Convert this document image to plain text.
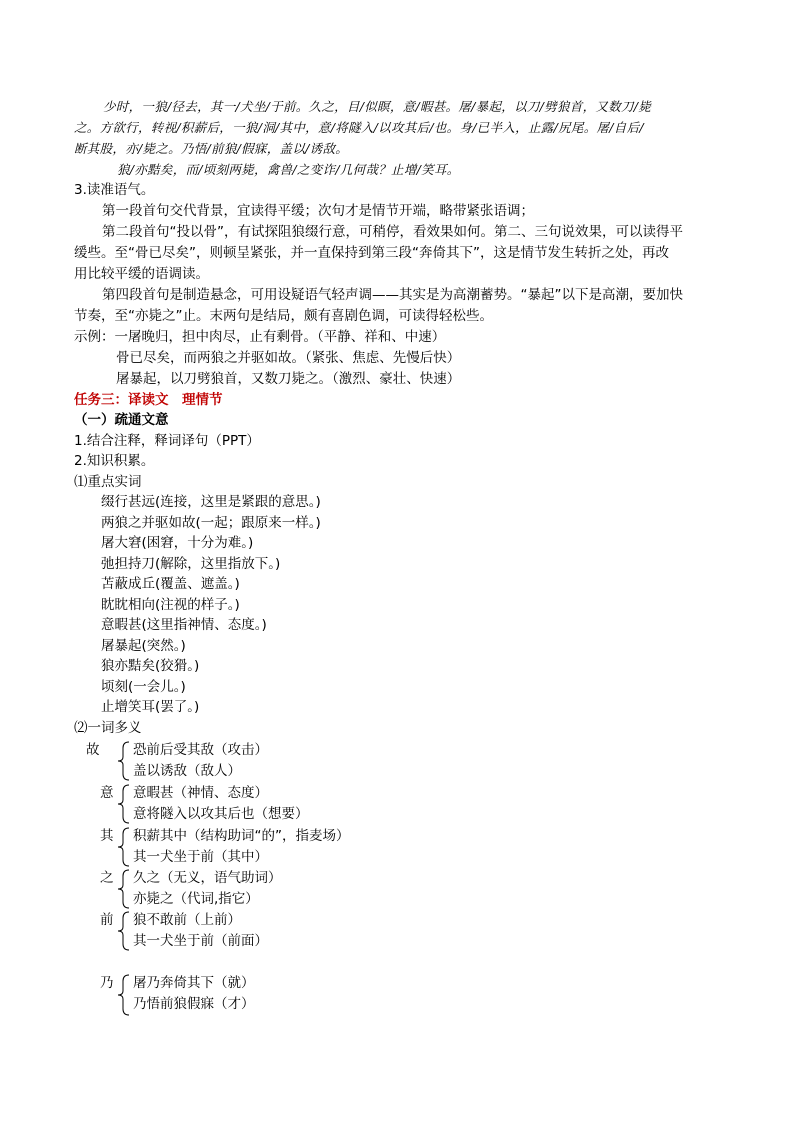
少时，一狼/径去，其一/犬坐/于前。久之，目/似瞑，意/暇甚。屠/暴起，以刀/劈狼首，又数刀/毙
之。方欲行，转视/积薪后，一狼/洞/其中，意/将隧入/以攻其后/也。身/已半入，止露/尻尾。屠/自后/
断其股，亦/毙之。乃悟/前狼/假寐，盖以/诱敌。
狼/亦黠矣，而/顷刻两毙，禽兽/之变诈/几何哉？止增/笑耳。
3.读准语气。
第一段首句交代背景，宜读得平缓；次句才是情节开端，略带紧张语调；
第二段首句“投以骨”，有试探阻狼缀行意，可稍停，看效果如何。第二、三句说效果，可以读得平
缓些。至“骨已尽矣”，则顿呈紧张，并一直保持到第三段“奔倚其下”，这是情节发生转折之处，再改
用比较平缓的语调读。
第四段首句是制造悬念，可用设疑语气轻声调——其实是为高潮蓄势。“暴起”以下是高潮，要加快
节奏，至“亦毙之”止。末两句是结局，颇有喜剧色调，可读得轻松些。
示例：一屠晚归，担中肉尽，止有剩骨。（平静、祥和、中速）
骨已尽矣，而两狼之并驱如故。（紧张、焦虑、先慢后快）
屠暴起，以刀劈狼首，又数刀毙之。（激烈、豪壮、快速）
任务三：译读文　理情节
（一）疏通文意
1.结合注释，释词译句（PPT）
2.知识积累。
⑴重点实词
缀行甚远(连接，这里是紧跟的意思。)
两狼之并驱如故(一起；跟原来一样。)
屠大窘(困窘，十分为难。)
弛担持刀(解除，这里指放下。)
苫蔽成丘(覆盖、遮盖。)
眈眈相向(注视的样子。)
意暇甚(这里指神情、态度。)
屠暴起(突然。)
狼亦黠矣(狡猾。)
顷刻(一会儿。)
止增笑耳(罢了。)
⑵一词多义
故 恐前后受其敌（攻击）
盖以诱敌（敌人）
意 意暇甚（神情、态度）
意将隧入以攻其后也（想要）
其 积薪其中（结构助词“的”，指麦场）
其一犬坐于前（其中）
之 久之（无义，语气助词）
亦毙之（代词,指它）
前 狼不敢前（上前）
其一犬坐于前（前面）
乃 屠乃奔倚其下（就）
乃悟前狼假寐（才）
